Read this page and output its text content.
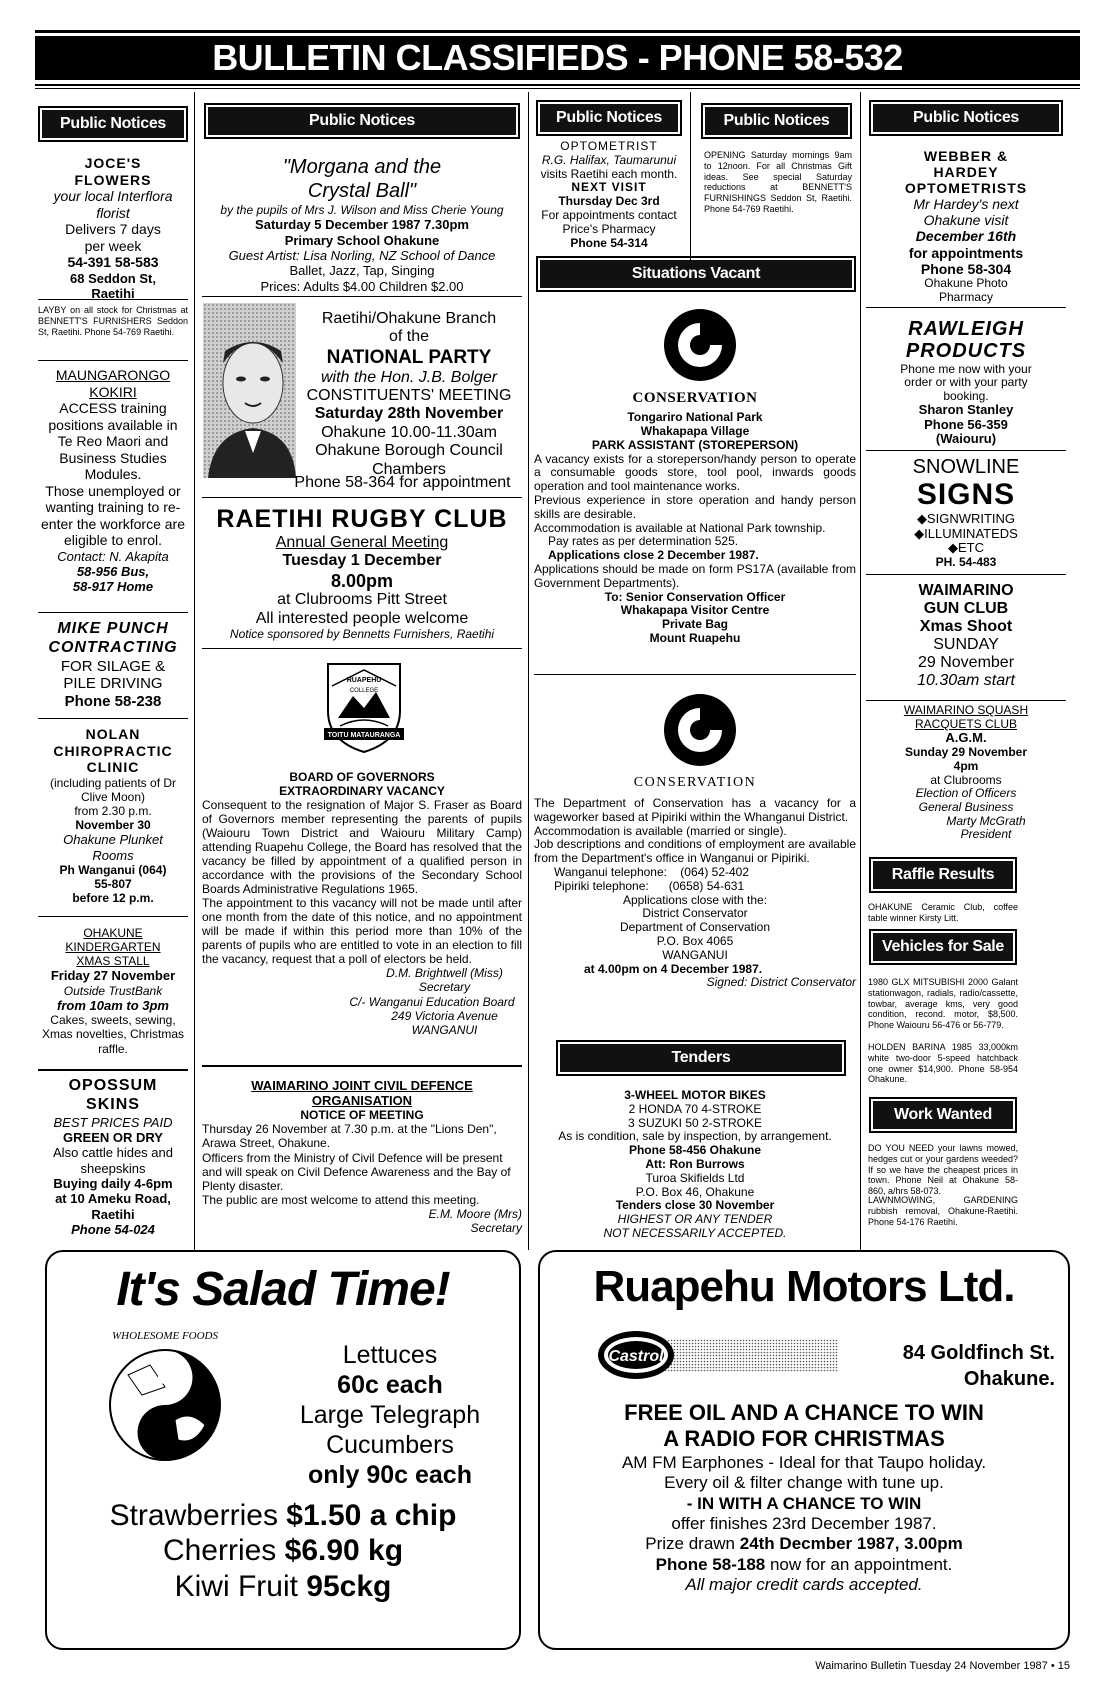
BULLETIN CLASSIFIEDS - PHONE 58-532
Public Notices
JOCE'S
FLOWERS
your local Interflora
florist
Delivers 7 days
per week
54-391 58-583
68 Seddon St,
Raetihi
LAYBY on all stock for Christmas at BENNETT'S FURNISHERS Seddon St, Raetihi. Phone 54-769 Raetihi.
MAUNGARONGO
KOKIRI
ACCESS training positions available in Te Reo Maori and Business Studies Modules.
Those unemployed or wanting training to re-enter the workforce are eligible to enrol.
Contact: N. Akapita
58-956 Bus,
58-917 Home
MIKE PUNCH
CONTRACTING
FOR SILAGE &
PILE DRIVING
Phone 58-238
NOLAN
CHIROPRACTIC
CLINIC
(including patients of Dr Clive Moon)
from 2.30 p.m.
November 30
Ohakune Plunket
Rooms
Ph Wanganui (064)
55-807
before 12 p.m.
OHAKUNE
KINDERGARTEN
XMAS STALL
Friday 27 November
Outside TrustBank
from 10am to 3pm
Cakes, sweets, sewing, Xmas novelties, Christmas raffle.
OPOSSUM
SKINS
BEST PRICES PAID
GREEN OR DRY
Also cattle hides and sheepskins
Buying daily 4-6pm
at 10 Ameku Road,
Raetihi
Phone 54-024
Public Notices
"Morgana and the
Crystal Ball"
by the pupils of Mrs J. Wilson and Miss Cherie Young
Saturday 5 December 1987 7.30pm
Primary School Ohakune
Guest Artist: Lisa Norling, NZ School of Dance
Ballet, Jazz, Tap, Singing
Prices: Adults $4.00 Children $2.00
Raetihi/Ohakune Branch
of the
NATIONAL PARTY
with the Hon. J.B. Bolger
CONSTITUENTS' MEETING
Saturday 28th November
Ohakune 10.00-11.30am
Ohakune Borough Council
Chambers
Phone 58-364 for appointment
RAETIHI RUGBY CLUB
Annual General Meeting
Tuesday 1 December
8.00pm
at Clubrooms Pitt Street
All interested people welcome
Notice sponsored by Bennetts Furnishers, Raetihi
TOITU MATAURANGA
RUAPEHU
COLLEGE
BOARD OF GOVERNORS
EXTRAORDINARY VACANCY
Consequent to the resignation of Major S. Fraser as Board of Governors member representing the parents of pupils (Waiouru Town District and Waiouru Military Camp) attending Ruapehu College, the Board has resolved that the vacancy be filled by appointment of a qualified person in accordance with the provisions of the Secondary School Boards Administrative Regulations 1965.
The appointment to this vacancy will not be made until after one month from the date of this notice, and no appointment will be made if within this period more than 10% of the parents of pupils who are entitled to vote in an election to fill the vacancy, request that a poll of electors be held.
D.M. Brightwell (Miss)
Secretary
C/- Wanganui Education Board
249 Victoria Avenue
WANGANUI
WAIMARINO JOINT CIVIL DEFENCE
ORGANISATION
NOTICE OF MEETING
Thursday 26 November at 7.30 p.m. at the "Lions Den", Arawa Street, Ohakune.
Officers from the Ministry of Civil Defence will be present and will speak on Civil Defence Awareness and the Bay of Plenty disaster.
The public are most welcome to attend this meeting.
E.M. Moore (Mrs)
Secretary
Public Notices
OPTOMETRIST
R.G. Halifax, Taumarunui
visits Raetihi each month.
NEXT VISIT
Thursday Dec 3rd
For appointments contact
Price's Pharmacy
Phone 54-314
Public Notices
OPENING Saturday mornings 9am to 12noon. For all Christmas Gift ideas. See special Saturday reductions at BENNETT'S FURNISHINGS Seddon St, Raetihi. Phone 54-769 Raetihi.
Situations Vacant
CONSERVATION
Tongariro National Park
Whakapapa Village
PARK ASSISTANT (STOREPERSON)
A vacancy exists for a storeperson/handy person to operate a consumable goods store, tool pool, inwards goods operation and tool maintenance works.
Previous experience in store operation and handy person skills are desirable.
Accommodation is available at National Park township.
Pay rates as per determination 525.
Applications close 2 December 1987.
Applications should be made on form PS17A (available from Government Departments).
To: Senior Conservation Officer
Whakapapa Visitor Centre
Private Bag
Mount Ruapehu
CONSERVATION
The Department of Conservation has a vacancy for a wageworker based at Pipiriki within the Whanganui District.
Accommodation is available (married or single).
Job descriptions and conditions of employment are available from the Department's office in Wanganui or Pipiriki.
Wanganui telephone:    (064) 52-402
Pipiriki telephone:      (0658) 54-631
Applications close with the:
District Conservator
Department of Conservation
P.O. Box 4065
WANGANUI
at 4.00pm on 4 December 1987.
Signed: District Conservator
Tenders
3-WHEEL MOTOR BIKES
2 HONDA 70 4-STROKE
3 SUZUKI 50 2-STROKE
As is condition, sale by inspection, by arrangement.
Phone 58-456 Ohakune
Att: Ron Burrows
Turoa Skifields Ltd
P.O. Box 46, Ohakune
Tenders close 30 November
HIGHEST OR ANY TENDER
NOT NECESSARILY ACCEPTED.
Public Notices
WEBBER &
HARDEY
OPTOMETRISTS
Mr Hardey's next
Ohakune visit
December 16th
for appointments
Phone 58-304
Ohakune Photo
Pharmacy
RAWLEIGH
PRODUCTS
Phone me now with your order or with your party booking.
Sharon Stanley
Phone 56-359
(Waiouru)
SNOWLINE
SIGNS
◆SIGNWRITING
◆ILLUMINATEDS
◆ETC
PH. 54-483
WAIMARINO
GUN CLUB
Xmas Shoot
SUNDAY
29 November
10.30am start
WAIMARINO SQUASH
RACQUETS CLUB
A.G.M.
Sunday 29 November
4pm
at Clubrooms
Election of Officers
General Business
Marty McGrath
President
Raffle Results
OHAKUNE Ceramic Club, coffee table winner Kirsty Litt.
Vehicles for Sale
1980 GLX MITSUBISHI 2000 Galant stationwagon, radials, radio/cassette, towbar, average kms, very good condition, recond. motor, $8,500. Phone Waiouru 56-476 or 56-779.
HOLDEN BARINA 1985 33,000km white two-door 5-speed hatchback one owner $14,900. Phone 58-954 Ohakune.
Work Wanted
DO YOU NEED your lawns mowed, hedges cut or your gardens weeded? If so we have the cheapest prices in town. Phone Neil at Ohakune 58-860, a/hrs 58-073.
LAWNMOWING, GARDENING rubbish removal, Ohakune-Raetihi. Phone 54-176 Raetihi.
It's Salad Time!
WHOLESOME FOODS
Lettuces
60c each
Large Telegraph
Cucumbers
only 90c each
Strawberries $1.50 a chip
Cherries $6.90 kg
Kiwi Fruit 95ckg
Ruapehu Motors Ltd.
Castrol	84 Goldfinch St.
Ohakune.
FREE OIL AND A CHANCE TO WIN
A RADIO FOR CHRISTMAS
AM FM Earphones - Ideal for that Taupo holiday.
Every oil & filter change with tune up.
- IN WITH A CHANCE TO WIN
offer finishes 23rd December 1987.
Prize drawn 24th Decmber 1987, 3.00pm
Phone 58-188 now for an appointment.
All major credit cards accepted.
Waimarino Bulletin Tuesday 24 November 1987 • 15
